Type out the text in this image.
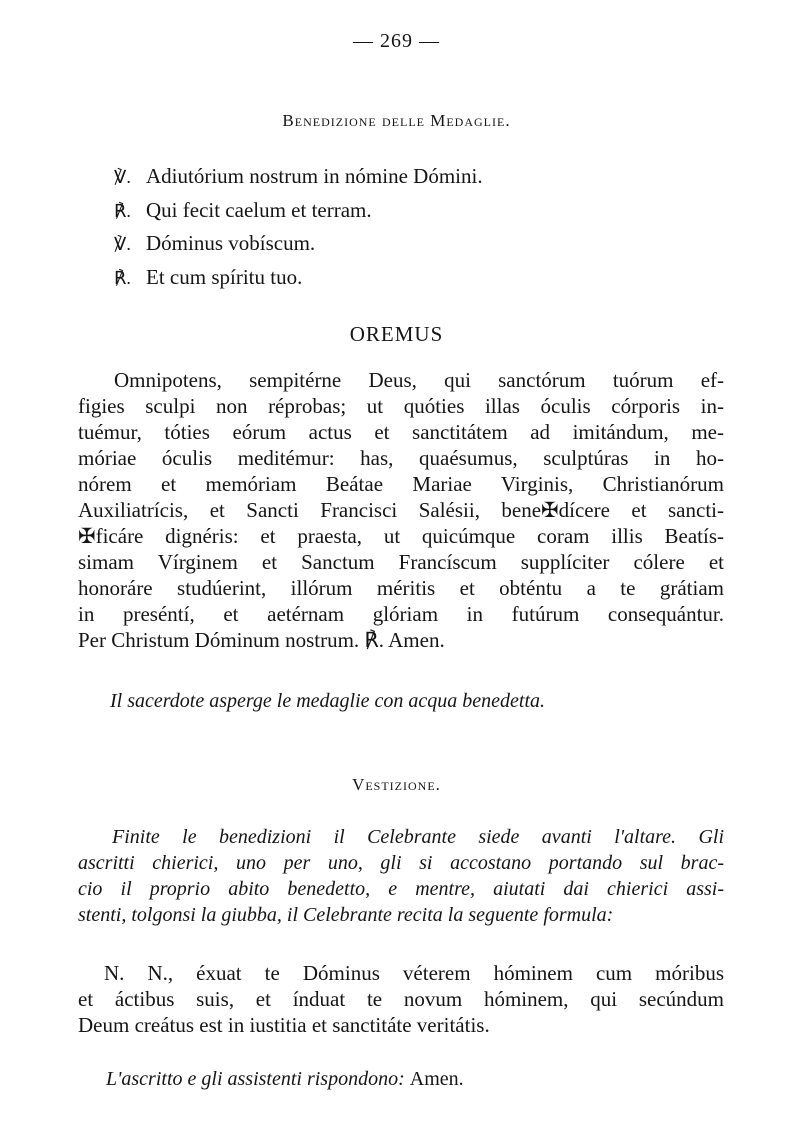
— 269 —
Benedizione delle Medaglie.
℣. Adiutórium nostrum in nómine Dómini.
℟. Qui fecit caelum et terram.
℣. Dóminus vobíscum.
℟. Et cum spíritu tuo.
OREMUS
Omnipotens, sempitérne Deus, qui sanctórum tuórum ef-
figies sculpi non réprobas; ut quóties illas óculis córporis in-
tuémur, tóties eórum actus et sanctitátem ad imitándum, me-
móriae óculis meditémur: has, quaésumus, sculptúras in ho-
nórem et memóriam Beátae Mariae Virginis, Christianórum
Auxiliatrícis, et Sancti Francisci Salésii, bene✠dícere et sancti-
✠ficáre dignéris: et praesta, ut quicúmque coram illis Beatís-
simam Vírginem et Sanctum Francíscum supplíciter cólere et
honoráre studúerint, illórum méritis et obténtu a te grátiam
in preséntí, et aetérnam glóriam in futúrum consequántur.
Per Christum Dóminum nostrum. ℟. Amen.
Il sacerdote asperge le medaglie con acqua benedetta.
Vestizione.
Finite le benedizioni il Celebrante siede avanti l'altare. Gli
ascritti chierici, uno per uno, gli si accostano portando sul brac-
cio il proprio abito benedetto, e mentre, aiutati dai chierici assi-
stenti, tolgonsi la giubba, il Celebrante recita la seguente formula:
N. N., éxuat te Dóminus véterem hóminem cum móribus
et áctibus suis, et índuat te novum hóminem, qui secúndum
Deum creátus est in iustitia et sanctitáte veritátis.
L'ascritto e gli assistenti rispondono: Amen.
